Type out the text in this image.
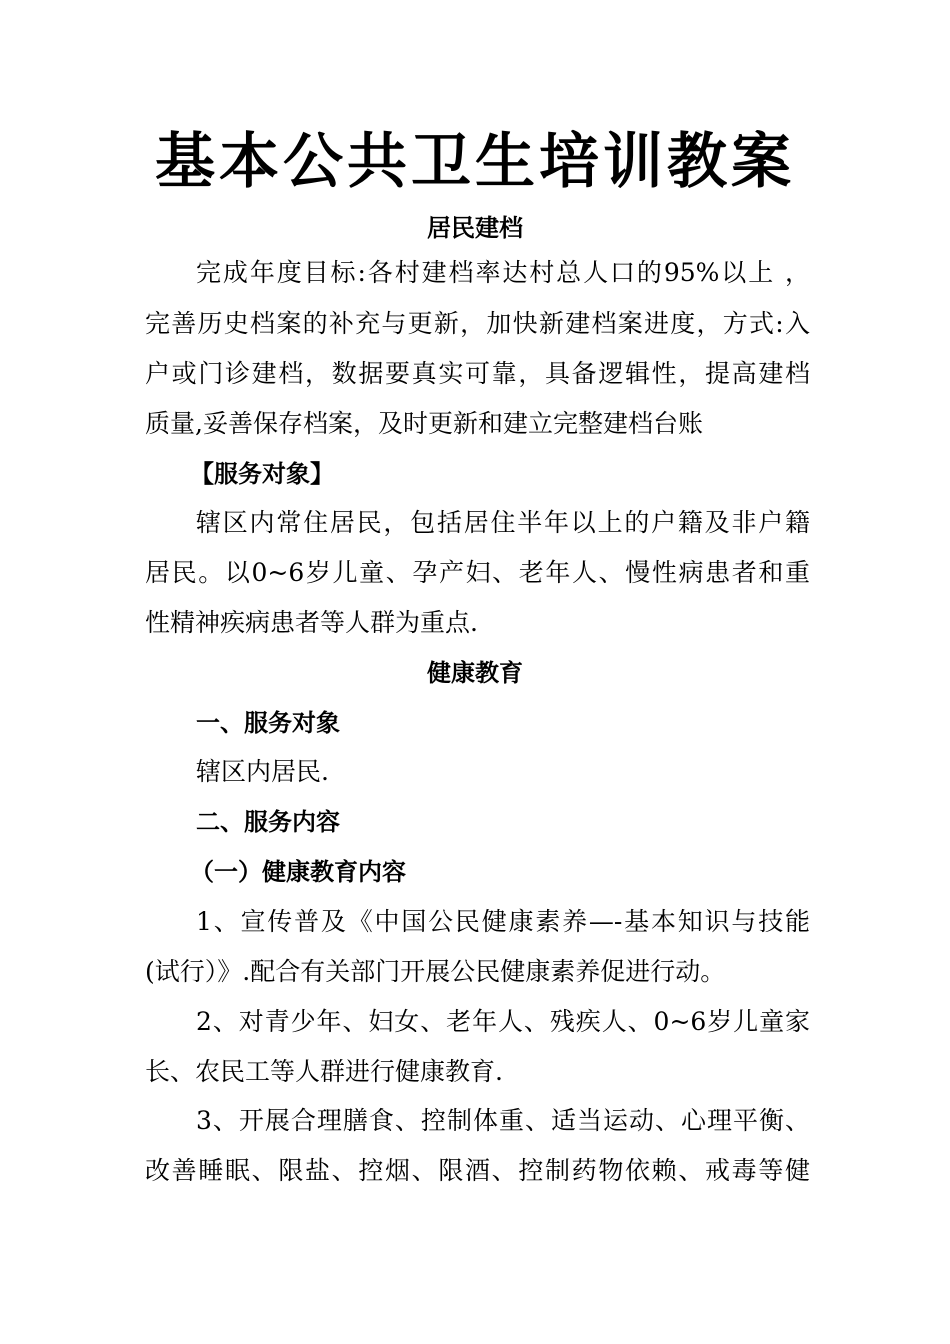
基本公共卫生培训教案
居民建档
完成年度目标:各村建档率达村总人口的95%以上 ，
完善历史档案的补充与更新，加快新建档案进度，方式:入
户或门诊建档，数据要真实可靠，具备逻辑性，提高建档
质量,妥善保存档案，及时更新和建立完整建档台账
【服务对象】
辖区内常住居民，包括居住半年以上的户籍及非户籍
居民。以0~6岁儿童、孕产妇、老年人、慢性病患者和重
性精神疾病患者等人群为重点.
健康教育
一、服务对象
辖区内居民.
二、服务内容
（一）健康教育内容
1、宣传普及《中国公民健康素养—-基本知识与技能
(试行）》.配合有关部门开展公民健康素养促进行动。
2、对青少年、妇女、老年人、残疾人、0~6岁儿童家
长、农民工等人群进行健康教育.
3、开展合理膳食、控制体重、适当运动、心理平衡、
改善睡眠、限盐、控烟、限酒、控制药物依赖、戒毒等健
